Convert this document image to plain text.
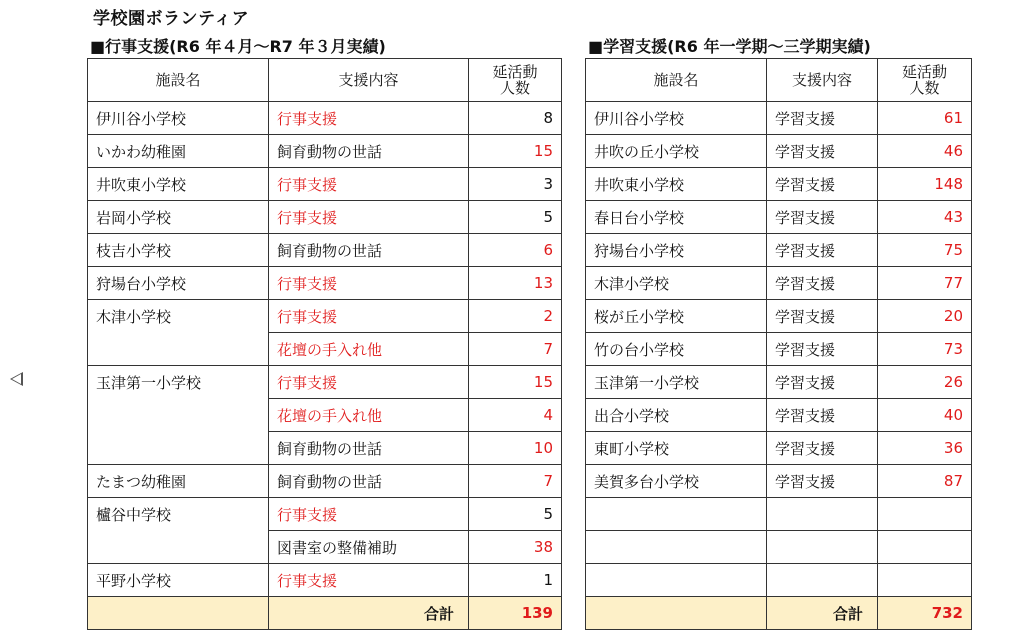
学校園ボランティア
■行事支援(R6 年４月～R7 年３月実績)	■学習支援(R6 年一学期～三学期実績)
施設名	支援内容	延活動
人数
伊川谷小学校	行事支援	8
いかわ幼稚園	飼育動物の世話	15
井吹東小学校	行事支援	3
岩岡小学校	行事支援	5
枝吉小学校	飼育動物の世話	6
狩場台小学校	行事支援	13
木津小学校	行事支援	2
	花壇の手入れ他	7
玉津第一小学校	行事支援	15
	花壇の手入れ他	4
	飼育動物の世話	10
たまつ幼稚園	飼育動物の世話	7
櫨谷中学校	行事支援	5
	図書室の整備補助	38
平野小学校	行事支援	1
	合計	139
施設名	支援内容	延活動
人数
伊川谷小学校	学習支援	61
井吹の丘小学校	学習支援	46
井吹東小学校	学習支援	148
春日台小学校	学習支援	43
狩場台小学校	学習支援	75
木津小学校	学習支援	77
桜が丘小学校	学習支援	20
竹の台小学校	学習支援	73
玉津第一小学校	学習支援	26
出合小学校	学習支援	40
東町小学校	学習支援	36
美賀多台小学校	学習支援	87

	合計	732
